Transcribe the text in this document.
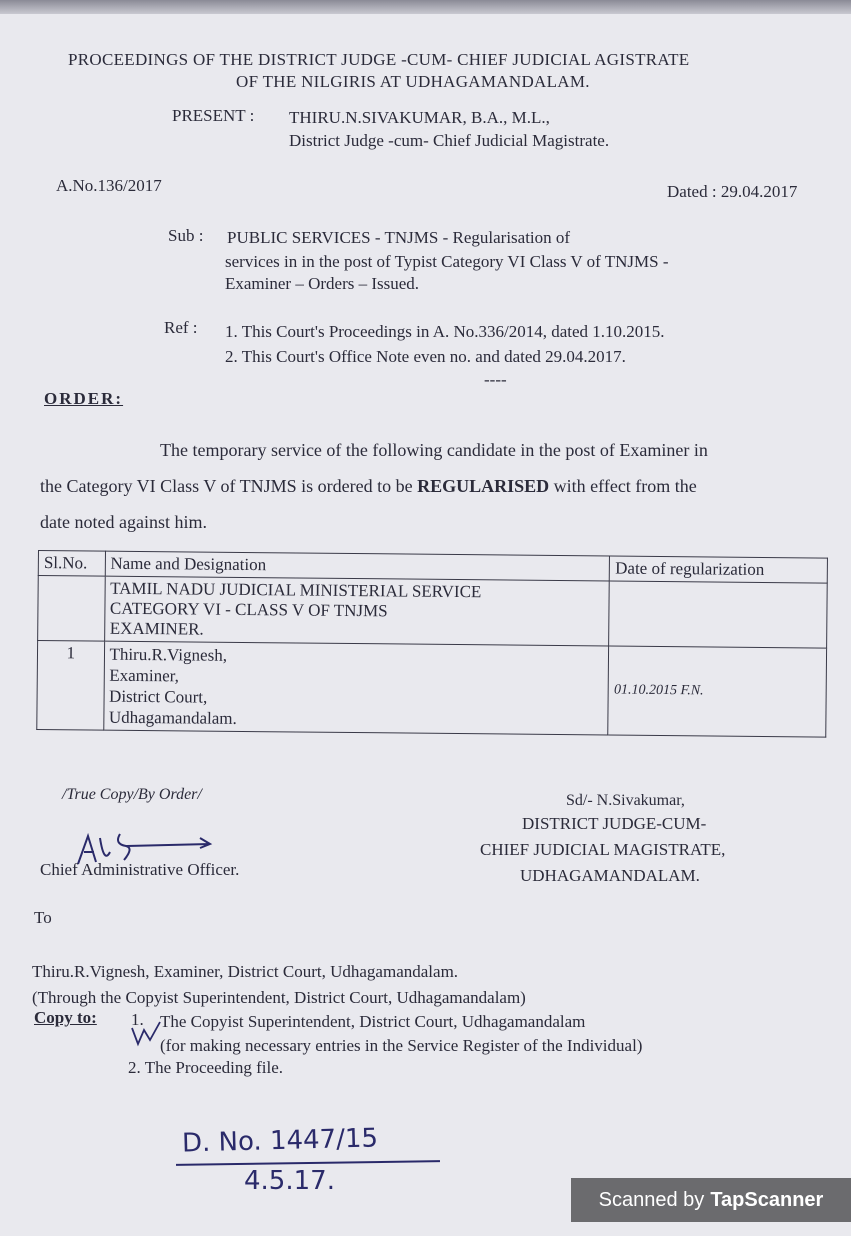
PROCEEDINGS OF THE DISTRICT JUDGE -CUM- CHIEF JUDICIAL AGISTRATE
OF THE NILGIRIS AT UDHAGAMANDALAM.
PRESENT : THIRU.N.SIVAKUMAR, B.A., M.L.,
District Judge -cum- Chief Judicial Magistrate.
A.No.136/2017	Dated : 29.04.2017
Sub : PUBLIC SERVICES - TNJMS - Regularisation of
services in in the post of Typist Category VI Class V of TNJMS -
Examiner – Orders – Issued.
Ref : 1. This Court's Proceedings in A. No.336/2014, dated 1.10.2015.
2. This Court's Office Note even no. and dated 29.04.2017.
----
ORDER:
The temporary service of the following candidate in the post of Examiner in
the Category VI Class V of TNJMS is ordered to be REGULARISED with effect from the
date noted against him.
Sl.No.	Name and Designation	Date of regularization

	TAMIL NADU JUDICIAL MINISTERIAL SERVICE
CATEGORY VI - CLASS V OF TNJMS
EXAMINER.	

1	Thiru.R.Vignesh,
Examiner,
District Court,
Udhagamandalam.	01.10.2015 F.N.
/True Copy/By Order/	Sd/- N.Sivakumar,
DISTRICT JUDGE-CUM-
CHIEF JUDICIAL MAGISTRATE,
UDHAGAMANDALAM.
Chief Administrative Officer.
To
Thiru.R.Vignesh, Examiner, District Court, Udhagamandalam.
(Through the Copyist Superintendent, District Court, Udhagamandalam)
Copy to: 1. The Copyist Superintendent, District Court, Udhagamandalam
(for making necessary entries in the Service Register of the Individual)
2. The Proceeding file.
D. No. 1447/15
4.5.17.
Scanned by TapScanner
